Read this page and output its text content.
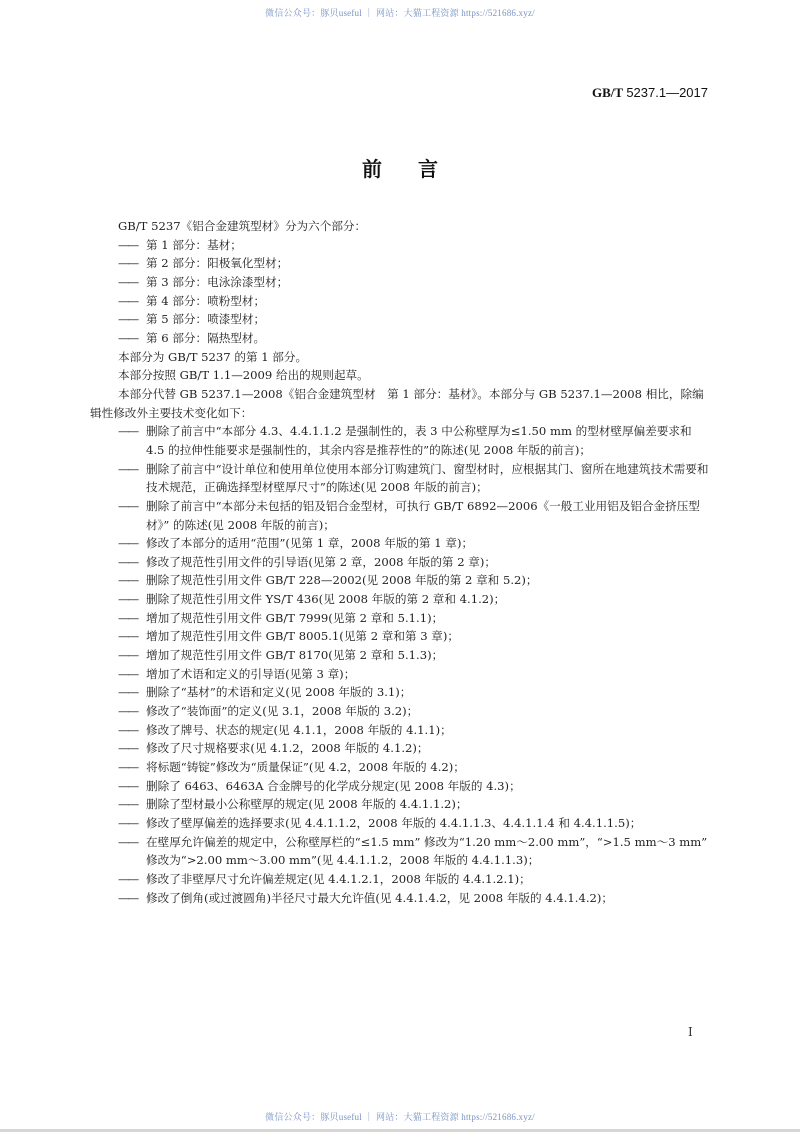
微信公众号：豚贝useful ｜ 网站：大猫工程资源 https://521686.xyz/
GB/T 5237.1—2017
前言

GB/T 5237《铝合金建筑型材》分为六个部分：

—— 第 1 部分：基材；

—— 第 2 部分：阳极氧化型材；

—— 第 3 部分：电泳涂漆型材；

—— 第 4 部分：喷粉型材；

—— 第 5 部分：喷漆型材；

—— 第 6 部分：隔热型材。

本部分为 GB/T 5237 的第 1 部分。

本部分按照 GB/T 1.1—2009 给出的规则起草。

本部分代替 GB 5237.1—2008《铝合金建筑型材　第 1 部分：基材》。本部分与 GB 5237.1—2008 相比，除编辑性修改外主要技术变化如下：

—— 删除了前言中“本部分 4.3、4.4.1.1.2 是强制性的，表 3 中公称壁厚为≤1.50 mm 的型材壁厚偏差要求和 4.5 的拉伸性能要求是强制性的，其余内容是推荐性的”的陈述(见 2008 年版的前言)；

—— 删除了前言中“设计单位和使用单位使用本部分订购建筑门、窗型材时，应根据其门、窗所在地建筑技术需要和技术规范，正确选择型材壁厚尺寸”的陈述(见 2008 年版的前言)；

—— 删除了前言中“本部分未包括的铝及铝合金型材，可执行 GB/T 6892—2006《一般工业用铝及铝合金挤压型材》” 的陈述(见 2008 年版的前言)；

—— 修改了本部分的适用“范围”(见第 1 章，2008 年版的第 1 章)；

—— 修改了规范性引用文件的引导语(见第 2 章，2008 年版的第 2 章)；

—— 删除了规范性引用文件 GB/T 228—2002(见 2008 年版的第 2 章和 5.2)；

—— 删除了规范性引用文件 YS/T 436(见 2008 年版的第 2 章和 4.1.2)；

—— 增加了规范性引用文件 GB/T 7999(见第 2 章和 5.1.1)；

—— 增加了规范性引用文件 GB/T 8005.1(见第 2 章和第 3 章)；

—— 增加了规范性引用文件 GB/T 8170(见第 2 章和 5.1.3)；

—— 增加了术语和定义的引导语(见第 3 章)；

—— 删除了“基材”的术语和定义(见 2008 年版的 3.1)；

—— 修改了“装饰面”的定义(见 3.1，2008 年版的 3.2)；

—— 修改了牌号、状态的规定(见 4.1.1，2008 年版的 4.1.1)；

—— 修改了尺寸规格要求(见 4.1.2，2008 年版的 4.1.2)；

—— 将标题“铸锭”修改为“质量保证”(见 4.2，2008 年版的 4.2)；

—— 删除了 6463、6463A 合金牌号的化学成分规定(见 2008 年版的 4.3)；

—— 删除了型材最小公称壁厚的规定(见 2008 年版的 4.4.1.1.2)；

—— 修改了壁厚偏差的选择要求(见 4.4.1.1.2，2008 年版的 4.4.1.1.3、4.4.1.1.4 和 4.4.1.1.5)；

—— 在壁厚允许偏差的规定中，公称壁厚栏的“≤1.5 mm” 修改为“1.20 mm～2.00 mm”，“>1.5 mm～3 mm” 修改为“>2.00 mm～3.00 mm”(见 4.4.1.1.2，2008 年版的 4.4.1.1.3)；

—— 修改了非壁厚尺寸允许偏差规定(见 4.4.1.2.1，2008 年版的 4.4.1.2.1)；

—— 修改了倒角(或过渡圆角)半径尺寸最大允许值(见 4.4.1.4.2，见 2008 年版的 4.4.1.4.2)；

I
微信公众号：豚贝useful ｜ 网站：大猫工程资源 https://521686.xyz/
